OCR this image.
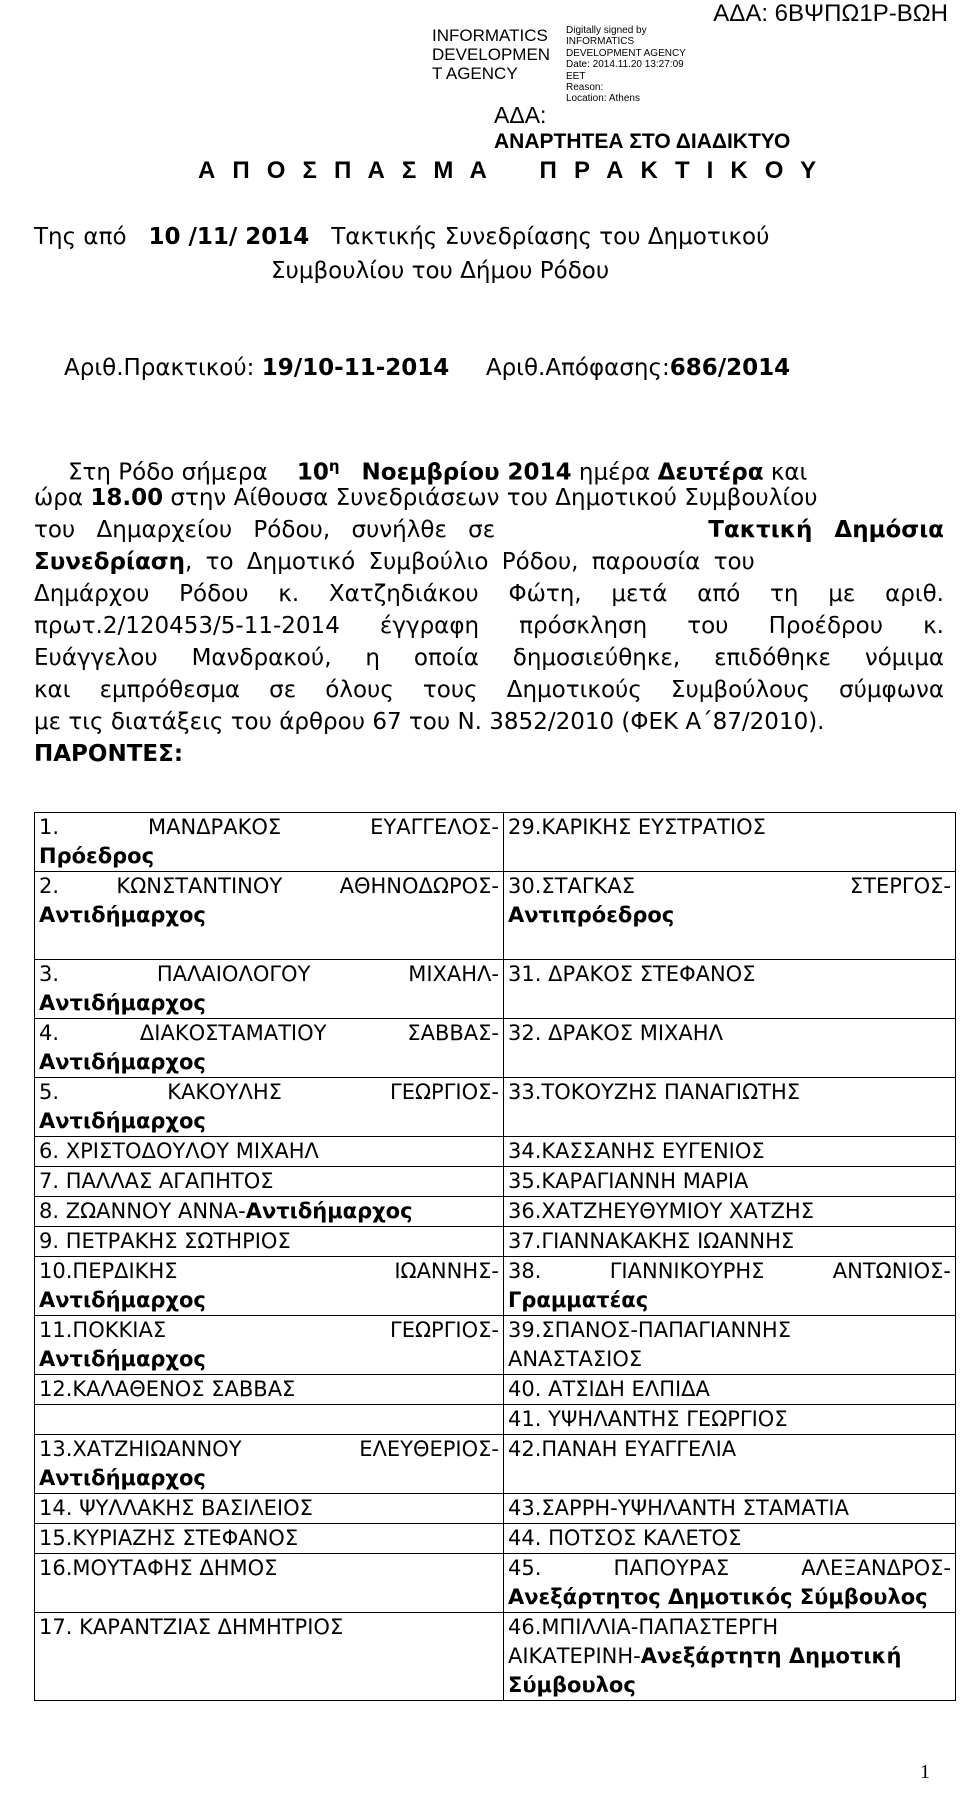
INFORMATICS DEVELOPMEN T AGENCY
Digitally signed by
INFORMATICS
DEVELOPMENT AGENCY
Date: 2014.11.20 13:27:09
EET
Reason:
Location: Athens
ΑΔΑ: 6ΒΨΠΩ1Ρ-ΒΩΗ
ΑΔΑ:
ΑΝΑΡΤΗΤΕΑ ΣΤΟ ΔΙΑΔΙΚΤΥΟ
Α Π Ο Σ Π Α Σ Μ Α    Π Ρ Α Κ Τ Ι Κ Ο Υ
Της από 10 /11/ 2014 Τακτικής Συνεδρίασης του Δημοτικού
Συμβουλίου του Δήμου Ρόδου
Αριθ.Πρακτικού: 19/10-11-2014 Αριθ.Απόφασης:686/2014
Στη Ρόδο σήμερα $10^\eta$ Νοεμβρίου 2014 ημέρα Δευτέρα και
ώρα 18.00 στην Αίθουσα Συνεδριάσεων του Δημοτικού Συμβουλίου
του Δημαρχείου Ρόδου, συνήλθε σε	Τακτική Δημόσια
Συνεδρίαση, το Δημοτικό Συμβούλιο Ρόδου, παρουσία του
Δημάρχου Ρόδου κ. Χατζηδιάκου Φώτη, μετά από τη με αριθ.
πρωτ.2/120453/5-11-2014 έγγραφη πρόσκληση του Προέδρου κ.
Ευάγγελου Μανδρακού, η οποία δημοσιεύθηκε, επιδόθηκε νόμιμα
και εμπρόθεσμα σε όλους τους Δημοτικούς Συμβούλους σύμφωνα
με τις διατάξεις του άρθρου 67 του Ν. 3852/2010 (ΦΕΚ Α΄87/2010).
ΠΑΡΟΝΤΕΣ:
1. ΜΑΝΔΡΑΚΟΣ ΕΥΑΓΓΕΛΟΣ-
Πρόεδρος	29.ΚΑΡΙΚΗΣ ΕΥΣΤΡΑΤΙΟΣ

2. ΚΩΝΣΤΑΝΤΙΝΟΥ ΑΘΗΝΟΔΩΡΟΣ-
Αντιδήμαρχος	30.ΣΤΑΓΚΑΣ ΣΤΕΡΓΟΣ-
Αντιπρόεδρος

3. ΠΑΛΑΙΟΛΟΓΟΥ ΜΙΧΑΗΛ-
Αντιδήμαρχος	31. ΔΡΑΚΟΣ ΣΤΕΦΑΝΟΣ

4. ΔΙΑΚΟΣΤΑΜΑΤΙΟΥ ΣΑΒΒΑΣ-
Αντιδήμαρχος	32. ΔΡΑΚΟΣ ΜΙΧΑΗΛ

5. ΚΑΚΟΥΛΗΣ ΓΕΩΡΓΙΟΣ-
Αντιδήμαρχος	33.ΤΟΚΟΥΖΗΣ ΠΑΝΑΓΙΩΤΗΣ
6. ΧΡΙΣΤΟΔΟΥΛΟΥ ΜΙΧΑΗΛ	34.ΚΑΣΣΑΝΗΣ ΕΥΓΕΝΙΟΣ
7. ΠΑΛΛΑΣ ΑΓΑΠΗΤΟΣ	35.ΚΑΡΑΓΙΑΝΝΗ ΜΑΡΙΑ
8. ΖΩΑΝΝΟΥ ΑΝΝΑ-Αντιδήμαρχος	36.ΧΑΤΖΗΕΥΘΥΜΙΟΥ ΧΑΤΖΗΣ
9. ΠΕΤΡΑΚΗΣ ΣΩΤΗΡΙΟΣ	37.ΓΙΑΝΝΑΚΑΚΗΣ ΙΩΑΝΝΗΣ

10.ΠΕΡΔΙΚΗΣ ΙΩΑΝΝΗΣ-
Αντιδήμαρχος	38. ΓΙΑΝΝΙΚΟΥΡΗΣ ΑΝΤΩΝΙΟΣ-
Γραμματέας

11.ΠΟΚΚΙΑΣ ΓΕΩΡΓΙΟΣ-
Αντιδήμαρχος	39.ΣΠΑΝΟΣ-ΠΑΠΑΓΙΑΝΝΗΣ
ΑΝΑΣΤΑΣΙΟΣ
12.ΚΑΛΑΘΕΝΟΣ ΣΑΒΒΑΣ	40. ΑΤΣΙΔΗ ΕΛΠΙΔΑ
	41. ΥΨΗΛΑΝΤΗΣ ΓΕΩΡΓΙΟΣ

13.ΧΑΤΖΗΙΩΑΝΝΟΥ ΕΛΕΥΘΕΡΙΟΣ-
Αντιδήμαρχος	42.ΠΑΝΑΗ ΕΥΑΓΓΕΛΙΑ
14. ΨΥΛΛΑΚΗΣ ΒΑΣΙΛΕΙΟΣ	43.ΣΑΡΡΗ-ΥΨΗΛΑΝΤΗ ΣΤΑΜΑΤΙΑ
15.ΚΥΡΙΑΖΗΣ ΣΤΕΦΑΝΟΣ	44. ΠΟΤΣΟΣ ΚΑΛΕΤΟΣ
16.ΜΟΥΤΑΦΗΣ ΔΗΜΟΣ	45. ΠΑΠΟΥΡΑΣ ΑΛΕΞΑΝΔΡΟΣ-
Ανεξάρτητος Δημοτικός Σύμβουλος
17. ΚΑΡΑΝΤΖΙΑΣ ΔΗΜΗΤΡΙΟΣ	46.ΜΠΙΛΛΙΑ-ΠΑΠΑΣΤΕΡΓΗ
ΑΙΚΑΤΕΡΙΝΗ-Ανεξάρτητη Δημοτική
Σύμβουλος
1
